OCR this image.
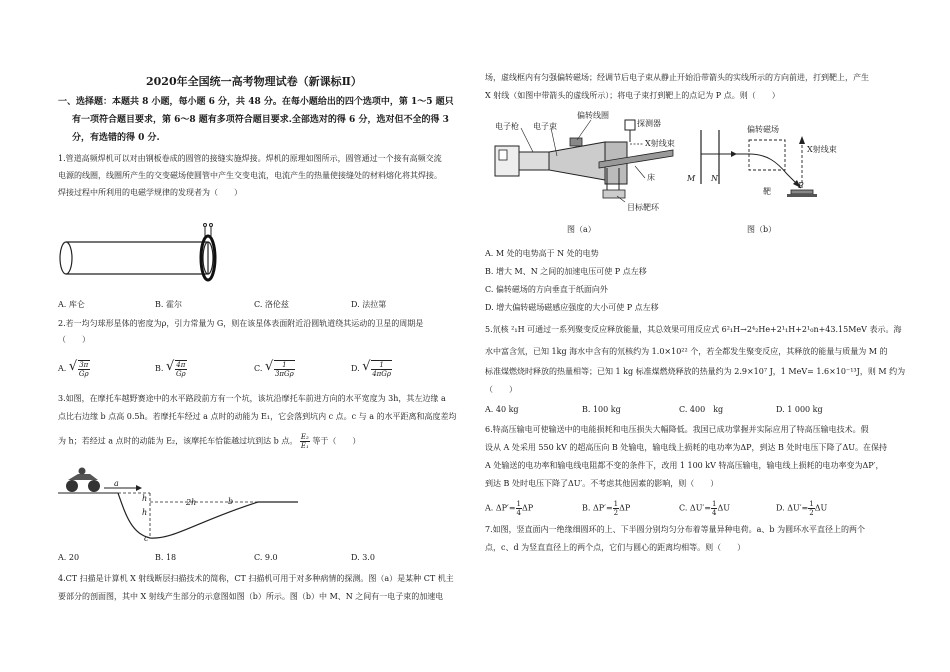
2020年全国统一高考物理试卷（新课标Ⅱ）
一、选择题：本题共 8 小题，每小题 6 分，共 48 分。在每小题给出的四个选项中，第 1～5 题只
有一项符合题目要求，第 6～8 题有多项符合题目要求.全部选对的得 6 分，选对但不全的得 3
分，有选错的得 0 分.
1.管道高频焊机可以对由钢板卷成的圆管的接缝实施焊接。焊机的原理如图所示，圆管通过一个接有高频交流
电源的线圈，线圈所产生的交变磁场使圆管中产生交变电流，电流产生的热量使接缝处的材料熔化将其焊接。
焊接过程中所利用的电磁学规律的发现者为（　　）
A. 库仑	B. 霍尔	C. 洛伦兹	D. 法拉第
2.若一均匀球形星体的密度为ρ，引力常量为 G，则在该星体表面附近沿圆轨道绕其运动的卫星的周期是
（　　）
A. √ $\frac{3\pi}{G\rho}$	B. √ $\frac{4\pi}{G\rho}$	C. √ $\frac{1}{\text{3πGρ}}$	D. √ $\frac{1}{\text{4πGρ}}$
3.如图，在摩托车越野赛途中的水平路段前方有一个坑，该坑沿摩托车前进方向的水平宽度为 3h，其左边缘 a
点比右边缘 b 点高 0.5h。若摩托车经过 a 点时的动能为 E₁，它会落到坑内 c 点。c 与 a 的水平距离和高度差均
为 h；若经过 a 点时的动能为 E₂，该摩托车恰能越过坑到达 b 点。 $\frac{\text{E₂}}{\text{E₁}}$ 等于（　　）
a
h
h
2h	b
c
A. 20	B. 18	C. 9.0	D. 3.0
4.CT 扫描是计算机 X 射线断层扫描技术的简称，CT 扫描机可用于对多种病情的探测。图（a）是某种 CT 机主
要部分的剖面图，其中 X 射线产生部分的示意图如图（b）所示。图（b）中 M、N 之间有一电子束的加速电
场，虚线框内有匀强偏转磁场；经调节后电子束从静止开始沿带箭头的实线所示的方向前进，打到靶上，产生
X 射线（如图中带箭头的虚线所示）；将电子束打到靶上的点记为 P 点。则（　　）
偏转线圈
探测器
电子枪 电子束
X射线束
床
目标靶环
图（a）
偏转磁场
X射线束
M N
靶
P
图（b）
A. M 处的电势高于 N 处的电势
B. 增大 M、N 之间的加速电压可使 P 点左移
C. 偏转磁场的方向垂直于纸面向外
D. 增大偏转磁场磁感应强度的大小可使 P 点左移
5.氘核 ²₁H 可通过一系列聚变反应释放能量，其总效果可用反应式 6²₁H→2⁴₂He+2¹₁H+2¹₀n+43.15MeV 表示。海
水中富含氘，已知 1kg 海水中含有的氘核约为 1.0×10²² 个，若全都发生聚变反应，其释放的能量与质量为 M 的
标准煤燃烧时释放的热量相等；已知 1 kg 标准煤燃烧释放的热量约为 2.9×10⁷ J，1 MeV= 1.6×10⁻¹³J，则 M 约为
（　　）
A. 40 kg	B. 100 kg	C. 400　kg	D. 1 000 kg
6.特高压输电可使输送中的电能损耗和电压损失大幅降低。我国已成功掌握并实际应用了特高压输电技术。假
设从 A 处采用 550 kV 的超高压向 B 处输电，输电线上损耗的电功率为ΔP，到达 B 处时电压下降了ΔU。在保持
A 处输送的电功率和输电线电阻都不变的条件下，改用 1 100 kV 特高压输电，输电线上损耗的电功率变为ΔP′，
到达 B 处时电压下降了ΔU′。不考虑其他因素的影响，则（　　）
A. $\Delta P'= \frac{1}{4}$ ΔP	B. $\Delta P'= \frac{1}{2}$ ΔP	C. $\Delta U'= \frac{1}{4}$ ΔU	D. $\Delta U'= \frac{1}{2}$ ΔU
7.如图，竖直面内一绝缘细圆环的上、下半圆分别均匀分布着等量异种电荷。a、b 为圆环水平直径上的两个
点，c、d 为竖直直径上的两个点，它们与圆心的距离均相等。则（　　）
